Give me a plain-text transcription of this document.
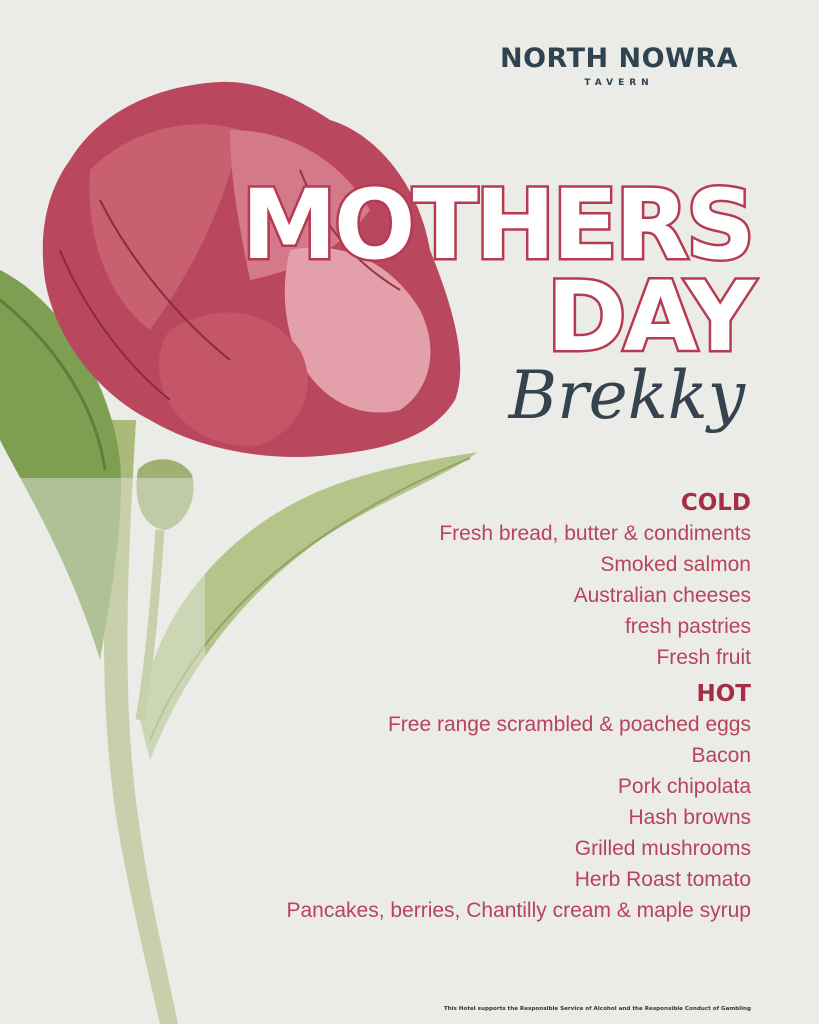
NORTH NOWRA
TAVERN
MOTHERS
DAY
Brekky
COLD
Fresh bread, butter & condiments
Smoked salmon
Australian cheeses
fresh pastries
Fresh fruit
HOT
Free range scrambled & poached eggs
Bacon
Pork chipolata
Hash browns
Grilled mushrooms
Herb Roast tomato
Pancakes, berries, Chantilly cream & maple syrup
This Hotel supports the Responsible Service of Alcohol and the Responsible Conduct of Gambling
